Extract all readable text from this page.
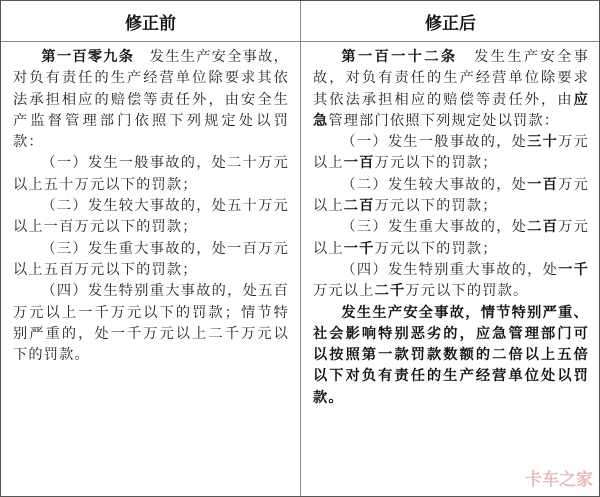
修正前	修正后

第一百零九条　 发生生产安全事故，对负有责任的生产经营单位除要求其依法承担相应的赔偿等责任外，由安全生产监督管理部门依照下列规定处以罚款：

（一）发生一般事故的，处二十万元以上五十万元以下的罚款；

（二）发生较大事故的，处五十万元以上一百万元以下的罚款；

（三）发生重大事故的，处一百万元以上五百万元以下的罚款；

（四）发生特别重大事故的，处五百万元以上一千万元以下的罚款；情节特别严重的，处一千万元以上二千万元以下的罚款。

第一百一十二条　 发生生产安全事故，对负有责任的生产经营单位除要求其依法承担相应的赔偿等责任外，由应急管理部门依照下列规定处以罚款：

（一）发生一般事故的，处三十万元以上一百万元以下的罚款；

（二）发生较大事故的，处一百万元以上二百万元以下的罚款；

（三）发生重大事故的，处二百万元以上一千万元以下的罚款；

（四）发生特别重大事故的，处一千万元以上二千万元以下的罚款。

发生生产安全事故，情节特别严重、社会影响特别恶劣的，应急管理部门可以按照第一款罚款数额的二倍以上五倍以下对负有责任的生产经营单位处以罚款。

卡车之家
